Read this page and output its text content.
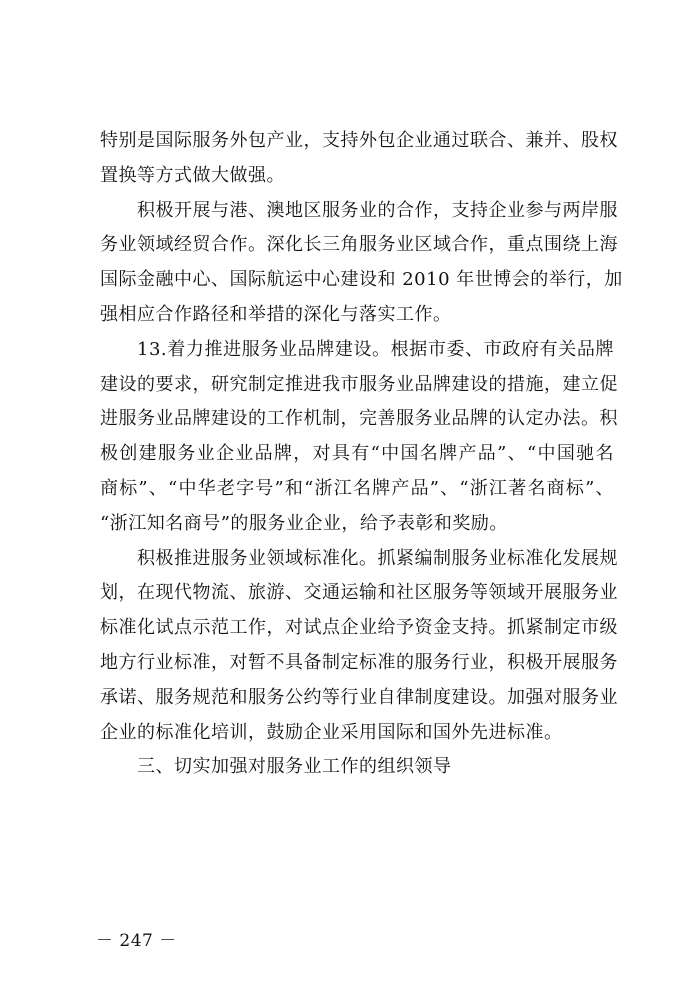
特别是国际服务外包产业，支持外包企业通过联合、兼并、股权
置换等方式做大做强。
积极开展与港、澳地区服务业的合作，支持企业参与两岸服
务业领域经贸合作。深化长三角服务业区域合作，重点围绕上海
国际金融中心、国际航运中心建设和 2010 年世博会的举行，加
强相应合作路径和举措的深化与落实工作。
13.着力推进服务业品牌建设。根据市委、市政府有关品牌
建设的要求，研究制定推进我市服务业品牌建设的措施，建立促
进服务业品牌建设的工作机制，完善服务业品牌的认定办法。积
极创建服务业企业品牌，对具有“中国名牌产品”、“中国驰名
商标”、“中华老字号”和“浙江名牌产品”、“浙江著名商标”、
“浙江知名商号”的服务业企业，给予表彰和奖励。
积极推进服务业领域标准化。抓紧编制服务业标准化发展规
划，在现代物流、旅游、交通运输和社区服务等领域开展服务业
标准化试点示范工作，对试点企业给予资金支持。抓紧制定市级
地方行业标准，对暂不具备制定标准的服务行业，积极开展服务
承诺、服务规范和服务公约等行业自律制度建设。加强对服务业
企业的标准化培训，鼓励企业采用国际和国外先进标准。
三、切实加强对服务业工作的组织领导
－ 247 －
